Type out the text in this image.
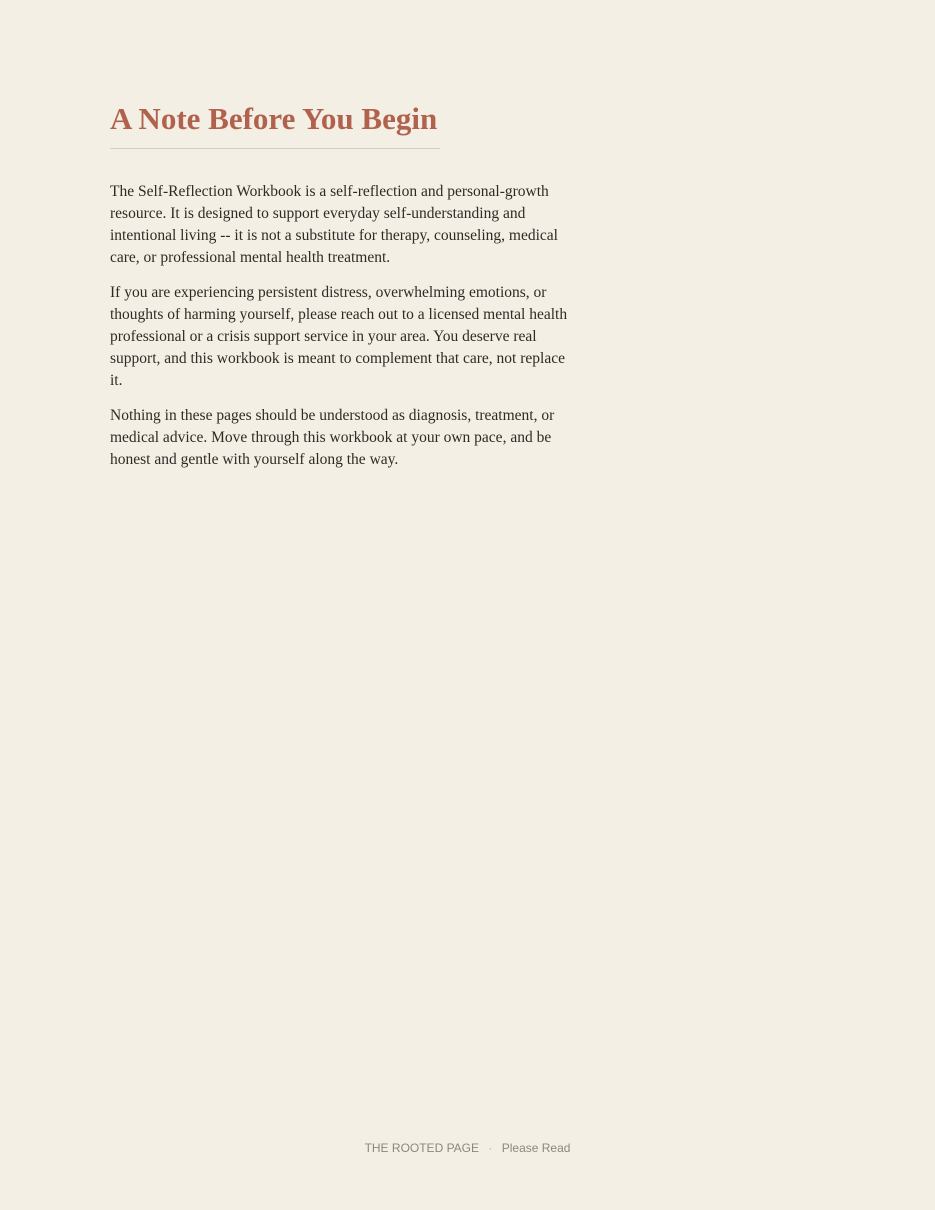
A Note Before You Begin

The Self-Reflection Workbook is a self-reflection and personal-growth resource. It is designed to support everyday self-understanding and intentional living -- it is not a substitute for therapy, counseling, medical care, or professional mental health treatment.

If you are experiencing persistent distress, overwhelming emotions, or thoughts of harming yourself, please reach out to a licensed mental health professional or a crisis support service in your area. You deserve real support, and this workbook is meant to complement that care, not replace it.

Nothing in these pages should be understood as diagnosis, treatment, or medical advice. Move through this workbook at your own pace, and be honest and gentle with yourself along the way.

THE ROOTED PAGE · Please Read
